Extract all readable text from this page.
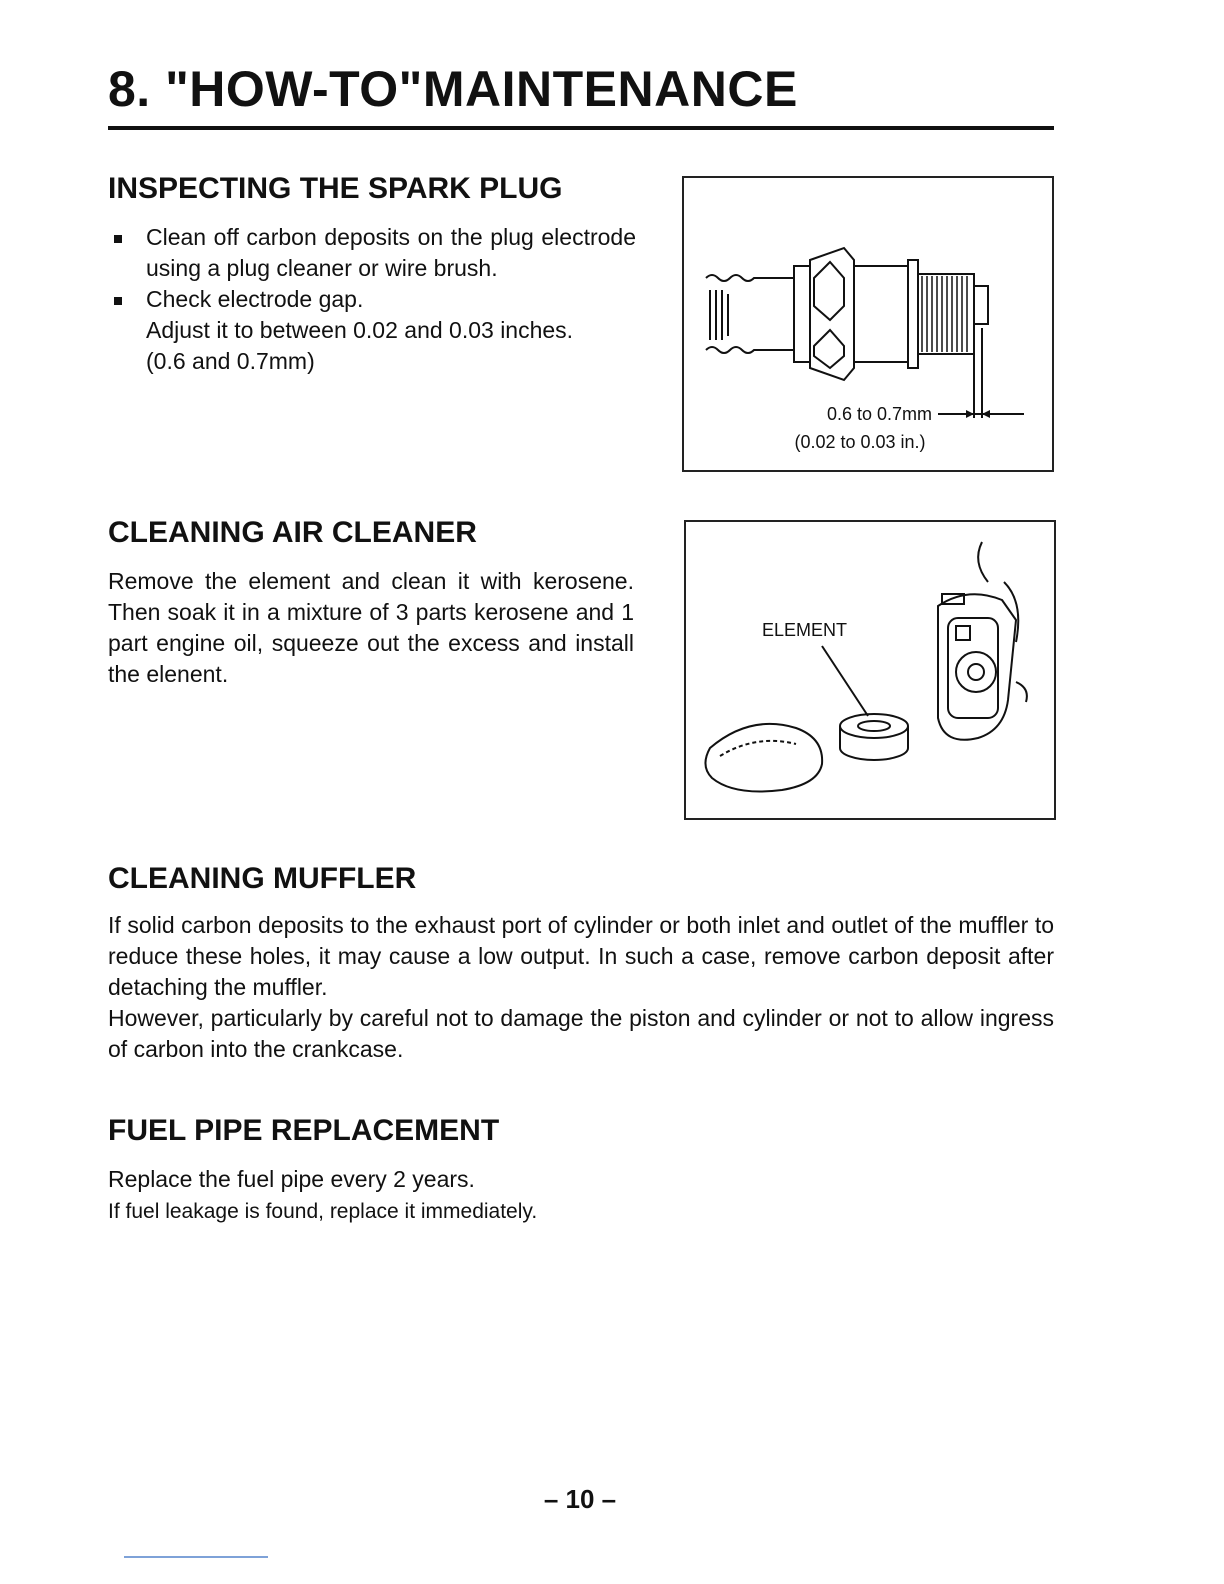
8. "HOW-TO"MAINTENANCE
INSPECTING THE SPARK PLUG
Clean off carbon deposits on the plug electrode using a plug cleaner or wire brush.
Check electrode gap.
Adjust it to between 0.02 and 0.03 inches.
(0.6 and 0.7mm)
0.6 to 0.7mm
(0.02 to 0.03 in.)
CLEANING AIR CLEANER

Remove the element and clean it with kerosene. Then soak it in a mixture of 3 parts kerosene and 1 part engine oil, squeeze out the excess and install the elenent.

ELEMENT
CLEANING MUFFLER

If solid carbon deposits to the exhaust port of cylinder or both inlet and outlet of the muffler to reduce these holes, it may cause a low output. In such a case, remove carbon deposit after detaching the muffler.

However, particularly by careful not to damage the piston and cylinder or not to allow ingress of carbon into the crankcase.

FUEL PIPE REPLACEMENT

Replace the fuel pipe every 2 years.

If fuel leakage is found, replace it immediately.

– 10 –
